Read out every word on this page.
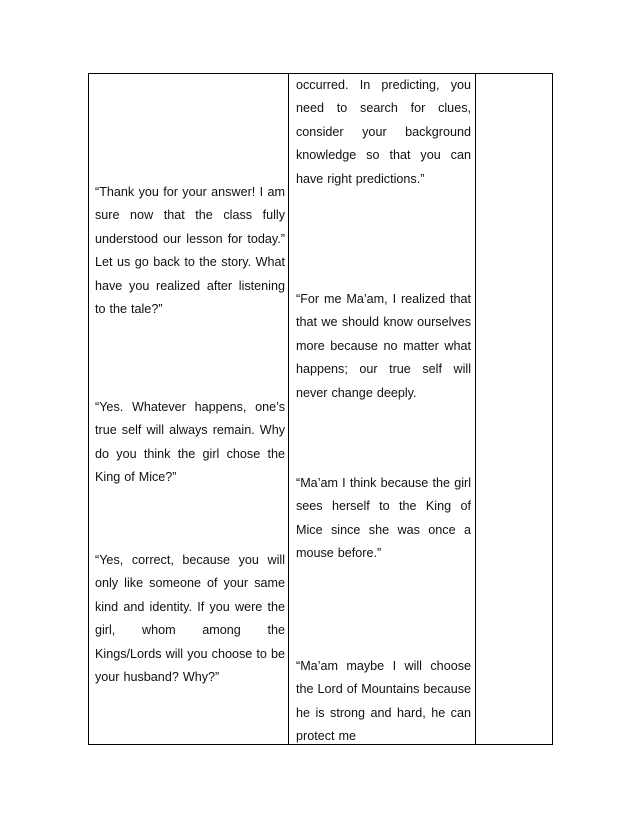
“Thank you for your answer! I am sure now that the class fully understood our lesson for today.” Let us go back to the story. What have you realized after listening to the tale?”

“Yes. Whatever happens, one’s true self will always remain. Why do you think the girl chose the King of Mice?”

“Yes, correct, because you will only like someone of your same kind and identity. If you were the girl, whom among the Kings/Lords will you choose to be your husband? Why?”

occurred. In predicting, you need to search for clues, consider your background knowledge so that you can have right predictions.”

“For me Ma’am, I realized that that we should know ourselves more because no matter what happens; our true self will never change deeply.

“Ma’am I think because the girl sees herself to the King of Mice since she was once a mouse before.”

“Ma’am maybe I will choose the Lord of Mountains because he is strong and hard, he can protect me
